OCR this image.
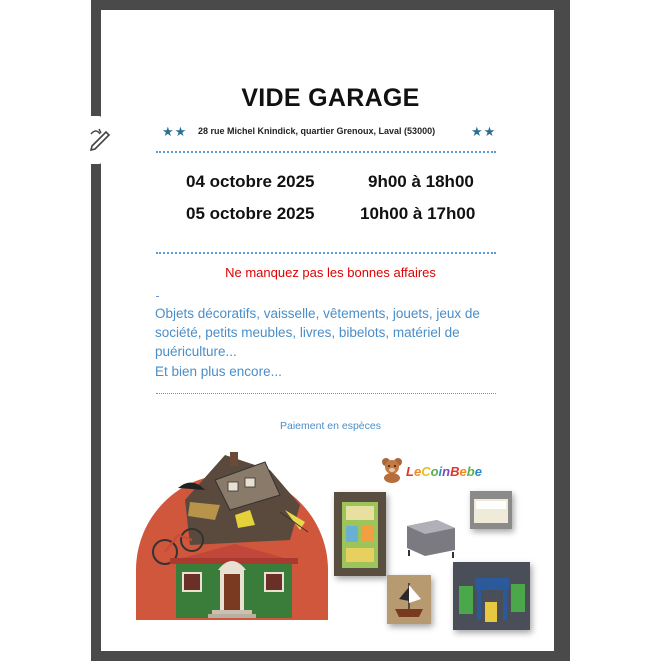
VIDE GARAGE
★★ 28 rue Michel Knindick, quartier Grenoux, Laval (53000)	★★
04 octobre 2025	9h00 à 18h00
05 octobre 2025	10h00 à 17h00
Ne manquez pas les bonnes affaires
Objets décoratifs, vaisselle, vêtements, jouets, jeux de société, petits meubles, livres, bibelots, matériel de puériculture...
Et bien plus encore...
Paiement en espèces
LeCoinBebe
